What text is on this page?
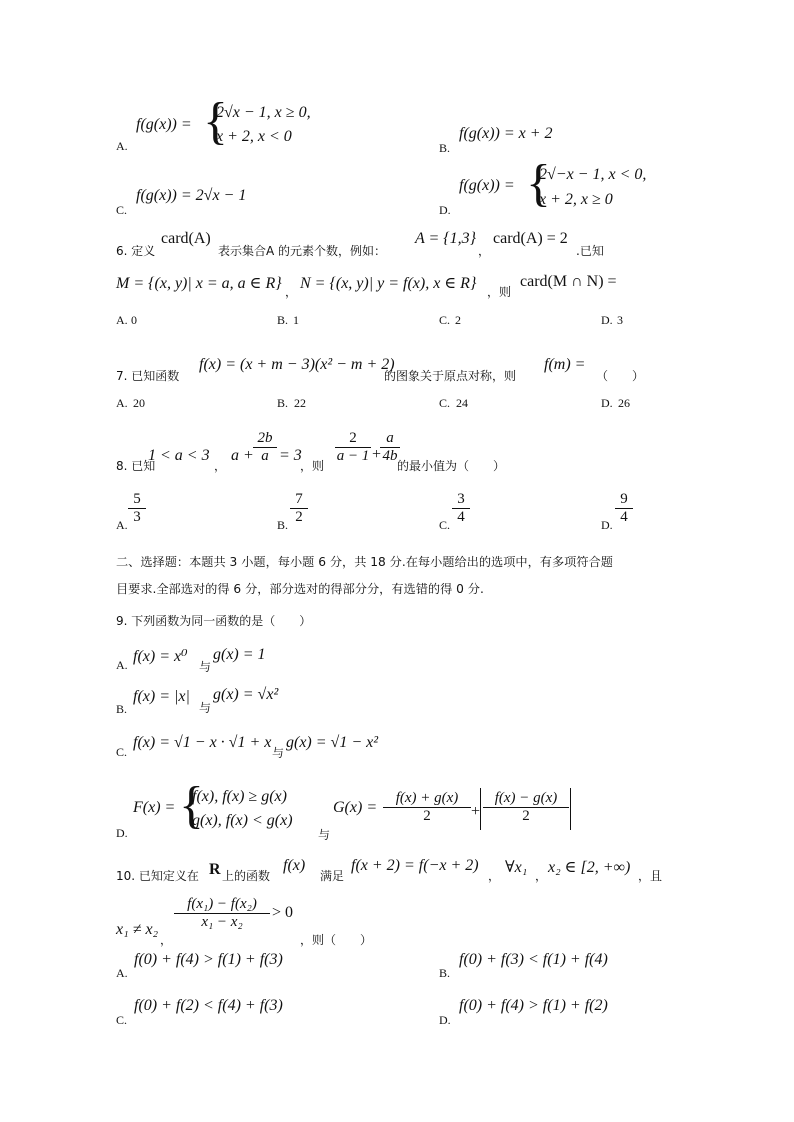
A.
f(g(x)) = {
2√x − 1, x ≥ 0,
x + 2, x < 0
B.
f(g(x)) = x + 2
C.
f(g(x)) = 2√x − 1
D.
f(g(x)) = {
2√−x − 1, x < 0,
x + 2, x ≥ 0
6. 定义
card(A)
表示集合A 的元素个数，例如：
A = {1,3}
，
card(A) = 2
.已知
M = {(x, y)| x = a, a ∈ R} ， N = {(x, y)| y = f(x), x ∈ R} ，则
card(M ∩ N) =
A. 0	B. 1	C. 2	D. 3
7. 已知函数
f(x) = (x + m − 3)(x² − m + 2)
的图象关于原点对称，则
f(m) =
（　　）
A. 20	B. 22	C. 24	D. 26
8. 已知
1 < a < 3
，
$a + \frac{2b}{a} = 3$
，则
$\frac{2}{a - 1}$ +
$\frac{a}{4b}$
的最小值为（　　）
A. $\frac{5}{3}$	B. $\frac{7}{2}$	C. $\frac{3}{4}$	D. $\frac{9}{4}$
二、选择题：本题共 3 小题，每小题 6 分，共 18 分.在每小题给出的选项中，有多项符合题
目要求.全部选对的得 6 分，部分选对的得部分分，有选错的得 0 分.
9. 下列函数为同一函数的是（　　）
A. f(x) = x⁰
与
g(x) = 1
B.
f(x) = |x|
与
g(x) = √x²
C.
f(x) = √1 − x · √1 + x
与
g(x) = √1 − x²
D.
F(x) = {
f(x), f(x) ≥ g(x)
g(x), f(x) < g(x)
与
$G(x) = \frac{f(x) + g(x)}{2} + \frac{f(x) - g(x)}{2}$
10. 已知定义在 R 上的函数
f(x)
满足
f(x + 2) = f(−x + 2)
， ∀x₁ ， x₂ ∈ [2, +∞) ，且
x₁ ≠ x₂
，
$\frac{\text{f(x₁) − f(x₂)}}{\text{x₁ − x₂}} > 0$
，则（　　）
A.
f(0) + f(4) > f(1) + f(3)
B.
f(0) + f(3) < f(1) + f(4)
C.
f(0) + f(2) < f(4) + f(3)
D.
f(0) + f(4) > f(1) + f(2)
